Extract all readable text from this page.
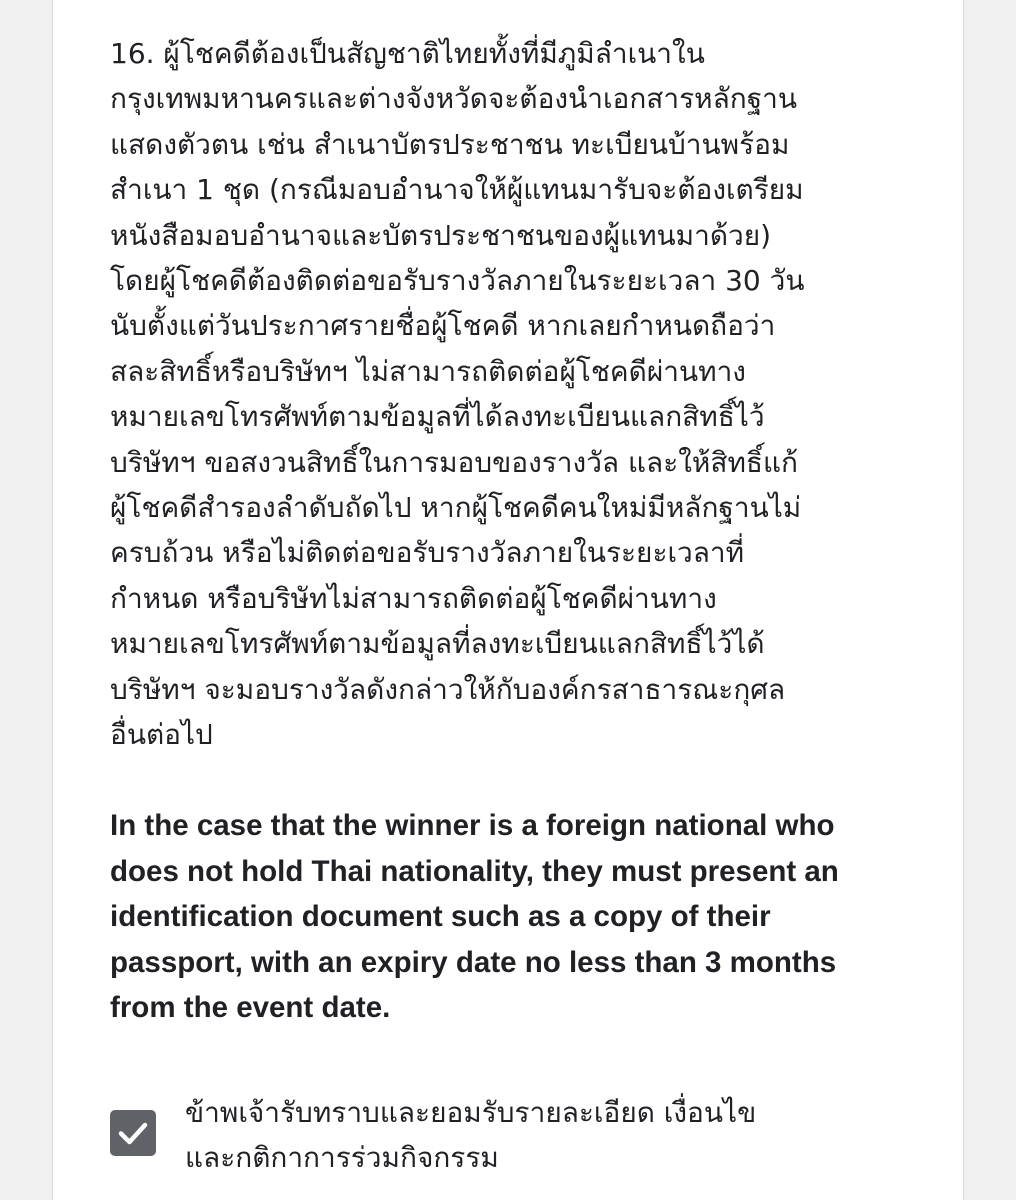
16. ผู้โชคดีต้องเป็นสัญชาติไทยทั้งที่มีภูมิลำเนาใน
กรุงเทพมหานครและต่างจังหวัดจะต้องนำเอกสารหลักฐาน
แสดงตัวตน เช่น สำเนาบัตรประชาชน ทะเบียนบ้านพร้อม
สำเนา 1 ชุด (กรณีมอบอำนาจให้ผู้แทนมารับจะต้องเตรียม
หนังสือมอบอำนาจและบัตรประชาชนของผู้แทนมาด้วย)
โดยผู้โชคดีต้องติดต่อขอรับรางวัลภายในระยะเวลา 30 วัน
นับตั้งแต่วันประกาศรายชื่อผู้โชคดี หากเลยกำหนดถือว่า
สละสิทธิ์หรือบริษัทฯ ไม่สามารถติดต่อผู้โชคดีผ่านทาง
หมายเลขโทรศัพท์ตามข้อมูลที่ได้ลงทะเบียนแลกสิทธิ์ไว้
บริษัทฯ ขอสงวนสิทธิ์ในการมอบของรางวัล และให้สิทธิ์แก้
ผู้โชคดีสำรองลำดับถัดไป หากผู้โชคดีคนใหม่มีหลักฐานไม่
ครบถ้วน หรือไม่ติดต่อขอรับรางวัลภายในระยะเวลาที่
กำหนด หรือบริษัทไม่สามารถติดต่อผู้โชคดีผ่านทาง
หมายเลขโทรศัพท์ตามข้อมูลที่ลงทะเบียนแลกสิทธิ์ไว้ได้
บริษัทฯ จะมอบรางวัลดังกล่าวให้กับองค์กรสาธารณะกุศล
อื่นต่อไป

In the case that the winner is a foreign national who
does not hold Thai nationality, they must present an
identification document such as a copy of their
passport, with an expiry date no less than 3 months
from the event date.

ข้าพเจ้ารับทราบและยอมรับรายละเอียด เงื่อนไข
และกติกาการร่วมกิจกรรม
